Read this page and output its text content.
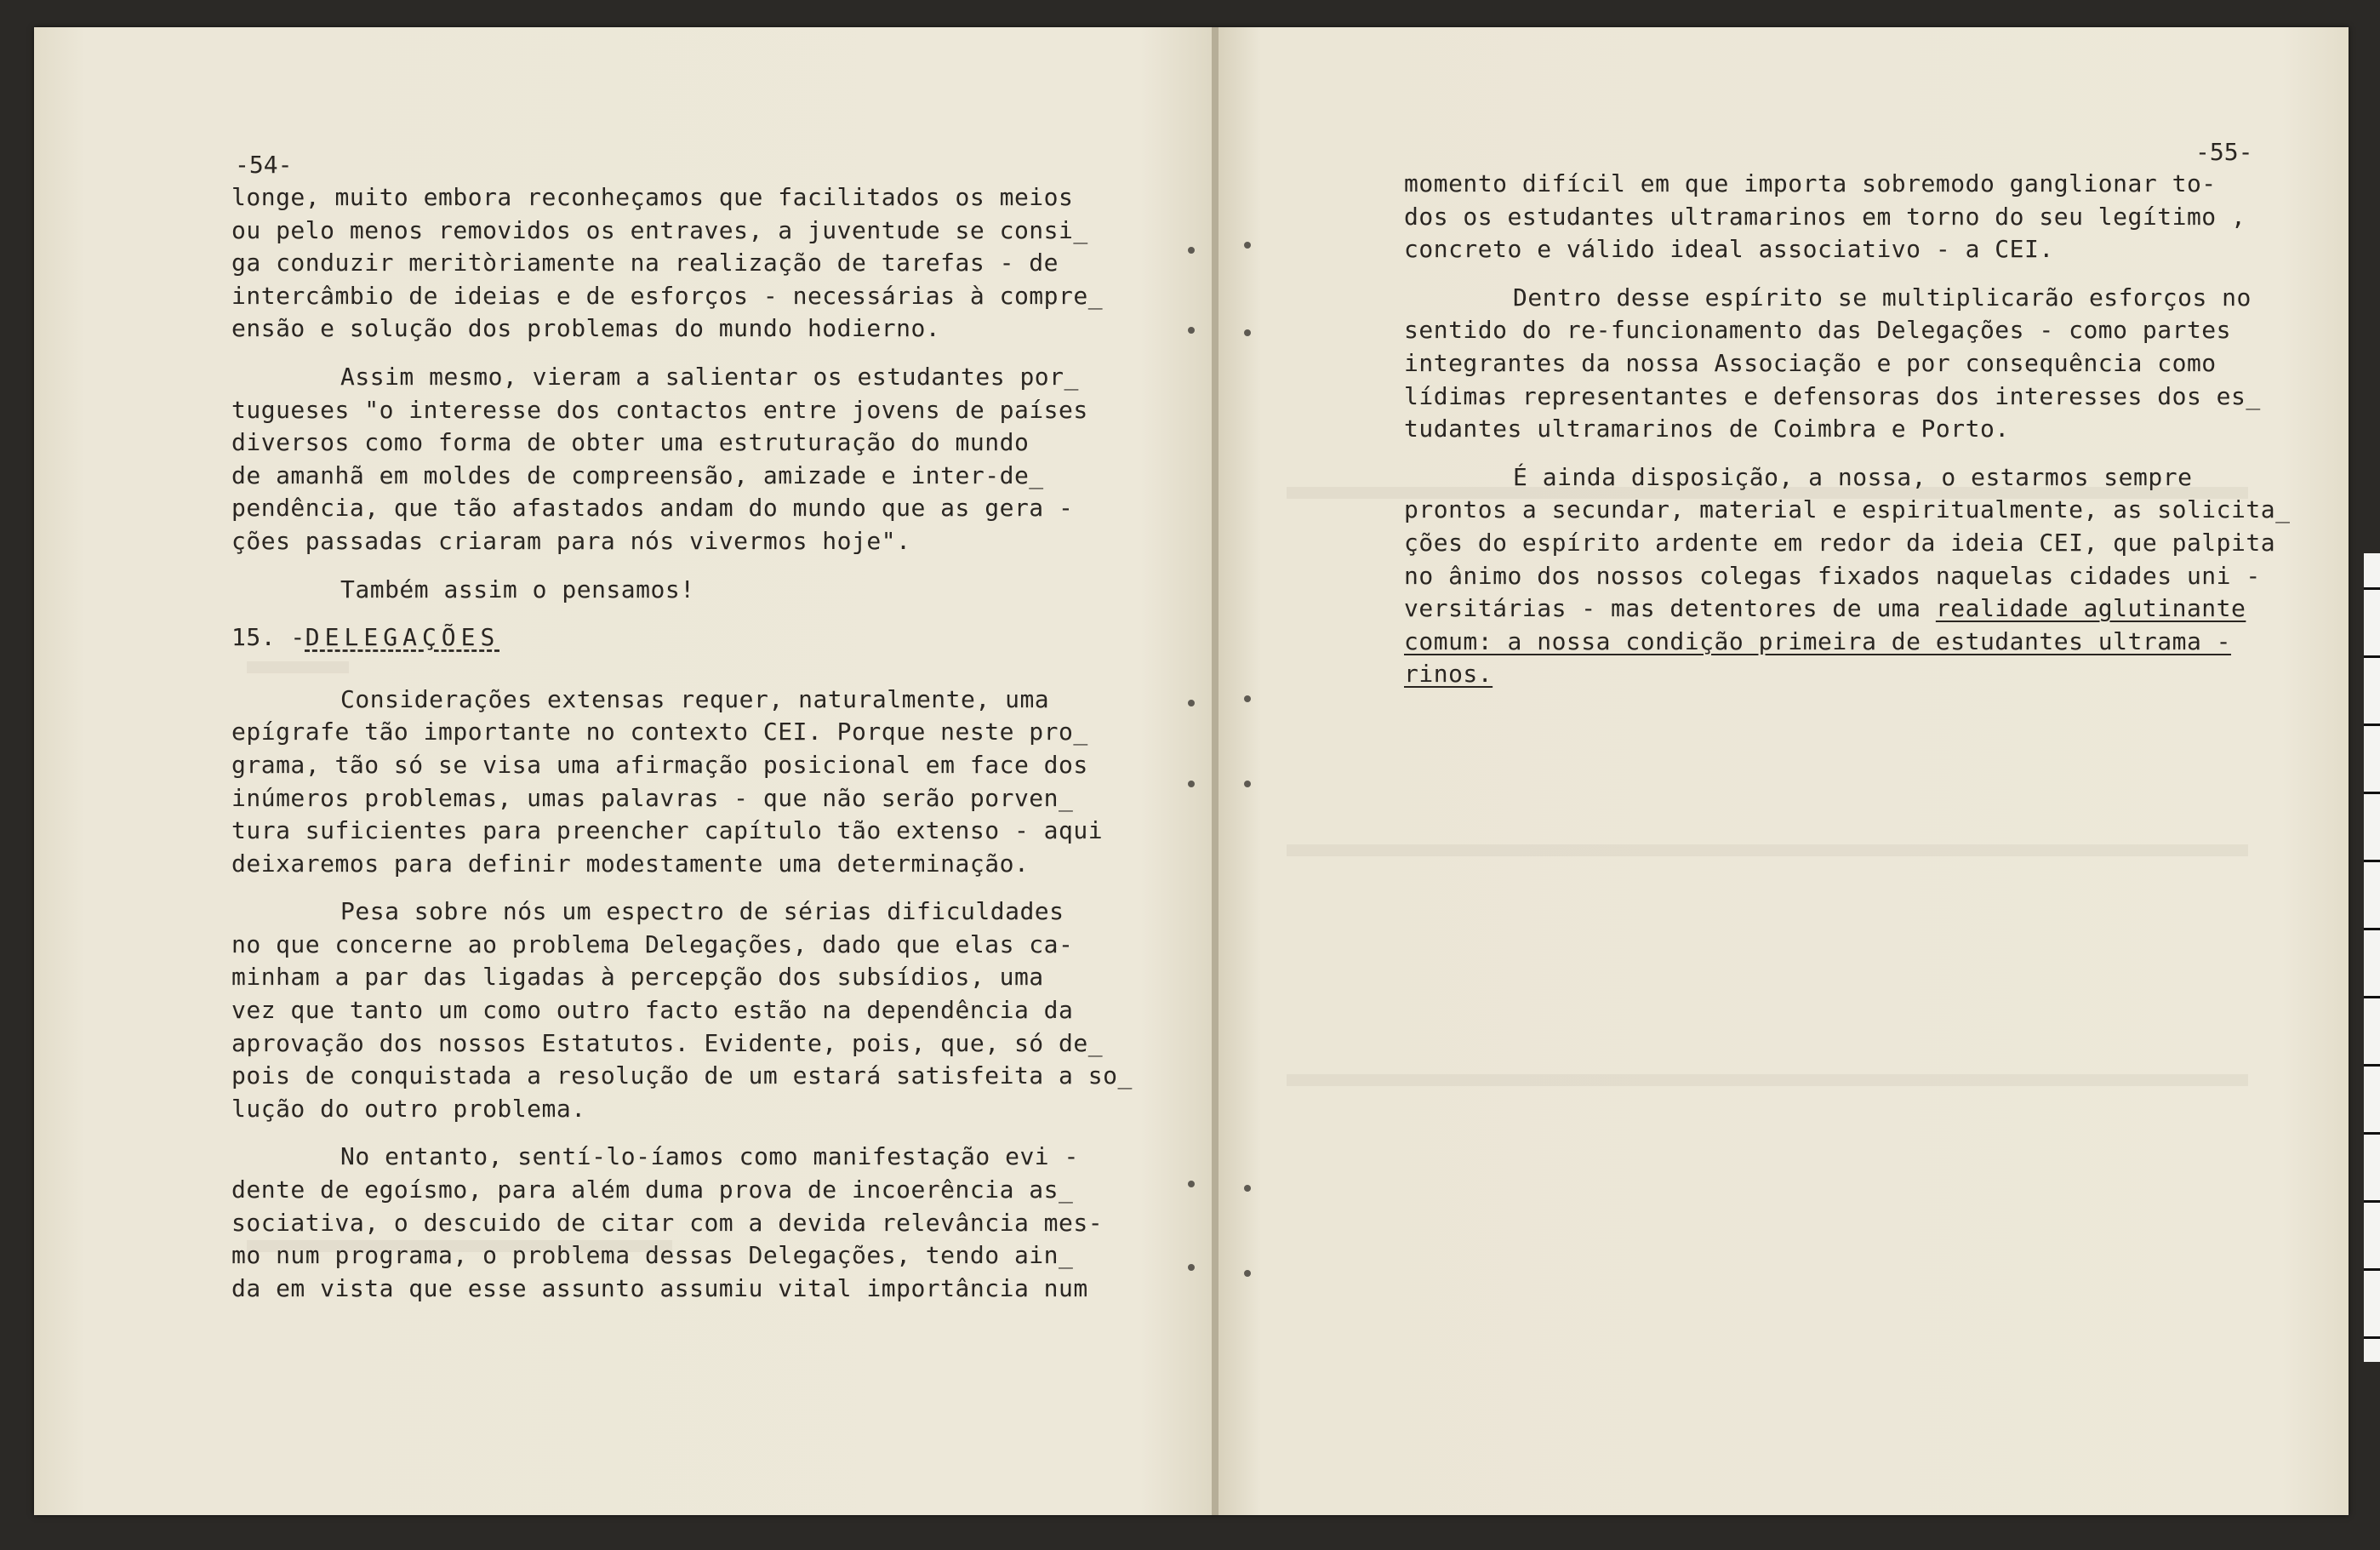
-54-

longe, muito embora reconheçamos que facilitados os meios

ou pelo menos removidos os entraves, a juventude se consi_

ga conduzir meritòriamente na realização de tarefas - de

intercâmbio de ideias e de esforços - necessárias à compre_

ensão e solução dos problemas do mundo hodierno.

Assim mesmo, vieram a salientar os estudantes por_

tugueses "o interesse dos contactos entre jovens de países

diversos como forma de obter uma estruturação do mundo

de amanhã em moldes de compreensão, amizade e inter-de_

pendência, que tão afastados andam do mundo que as gera -

ções passadas criaram para nós vivermos hoje".

Também assim o pensamos!

15. -DELEGAÇÕES

Considerações extensas requer, naturalmente, uma

epígrafe tão importante no contexto CEI. Porque neste pro_

grama, tão só se visa uma afirmação posicional em face dos

inúmeros problemas, umas palavras - que não serão porven_

tura suficientes para preencher capítulo tão extenso - aqui

deixaremos para definir modestamente uma determinação.

Pesa sobre nós um espectro de sérias dificuldades

no que concerne ao problema Delegações, dado que elas ca-

minham a par das ligadas à percepção dos subsídios, uma

vez que tanto um como outro facto estão na dependência da

aprovação dos nossos Estatutos. Evidente, pois, que, só de_

pois de conquistada a resolução de um estará satisfeita a so_

lução do outro problema.

No entanto, sentí-lo-íamos como manifestação evi -

dente de egoísmo, para além duma prova de incoerência as_

sociativa, o descuido de citar com a devida relevância mes-

mo num programa, o problema dessas Delegações, tendo ain_

da em vista que esse assunto assumiu vital importância num

-55-

momento difícil em que importa sobremodo ganglionar to-

dos os estudantes ultramarinos em torno do seu legítimo ,

concreto e válido ideal associativo - a CEI.

Dentro desse espírito se multiplicarão esforços no

sentido do re-funcionamento das Delegações - como partes

integrantes da nossa Associação e por consequência como

lídimas representantes e defensoras dos interesses dos es_

tudantes ultramarinos de Coimbra e Porto.

É ainda disposição, a nossa, o estarmos sempre

prontos a secundar, material e espiritualmente, as solicita_

ções do espírito ardente em redor da ideia CEI, que palpita

no ânimo dos nossos colegas fixados naquelas cidades uni -

versitárias - mas detentores de uma realidade aglutinante

comum: a nossa condição primeira de estudantes ultrama -

rinos.
